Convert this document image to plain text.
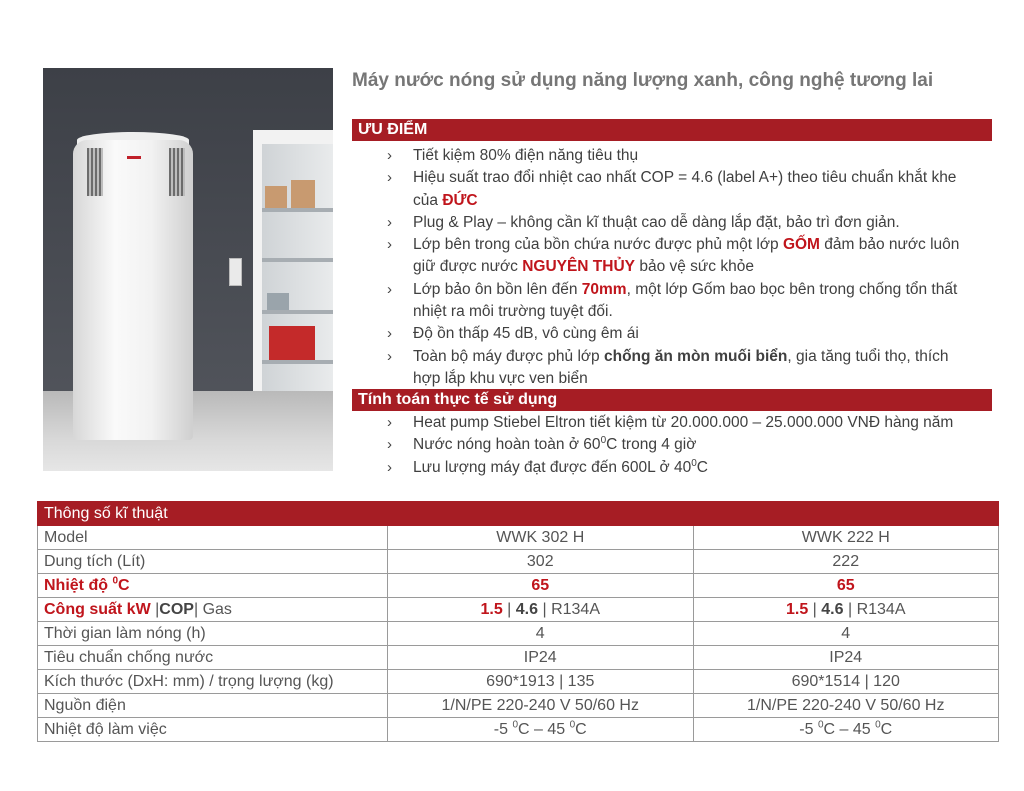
Máy nước nóng sử dụng năng lượng xanh, công nghệ tương lai
ƯU ĐIỂM
› Tiết kiệm 80% điện năng tiêu thụ
› Hiệu suất trao đổi nhiệt cao nhất COP = 4.6 (label A+) theo tiêu chuẩn khắt khe của ĐỨC
› Plug & Play – không cần kĩ thuật cao dễ dàng lắp đặt, bảo trì đơn giản.
› Lớp bên trong của bồn chứa nước được phủ một lớp GỐM đảm bảo nước luôn giữ được nước NGUYÊN THỦY bảo vệ sức khỏe
› Lớp bảo ôn bồn lên đến 70mm, một lớp Gốm bao bọc bên trong chống tổn thất nhiệt ra môi trường tuyệt đối.
› Độ ồn thấp 45 dB, vô cùng êm ái
› Toàn bộ máy được phủ lớp chống ăn mòn muối biển, gia tăng tuổi thọ, thích hợp lắp khu vực ven biển
Tính toán thực tế sử dụng
› Heat pump Stiebel Eltron tiết kiệm từ 20.000.000 – 25.000.000 VNĐ hàng năm
› Nước nóng hoàn toàn ở $60^0C$ trong 4 giờ
› Lưu lượng máy đạt được đến 600L ở $40^0C$
Thông số kĩ thuật		
Model	WWK 302 H	WWK 222 H
Dung tích (Lít)	302	222
Nhiệt độ $^0$C	65	65
Công suất kW |COP| Gas	1.5 | 4.6 | R134A	1.5 | 4.6 | R134A
Thời gian làm nóng (h)	4	4
Tiêu chuẩn chống nước	IP24	IP24
Kích thước (DxH: mm) / trọng lượng (kg)	690*1913 | 135	690*1514 | 120
Nguồn điện	1/N/PE 220-240 V 50/60 Hz	1/N/PE 220-240 V 50/60 Hz
Nhiệt độ làm việc	-5 $^0$C – 45 $^0$C	-5 $^0$C – 45 $^0$C
